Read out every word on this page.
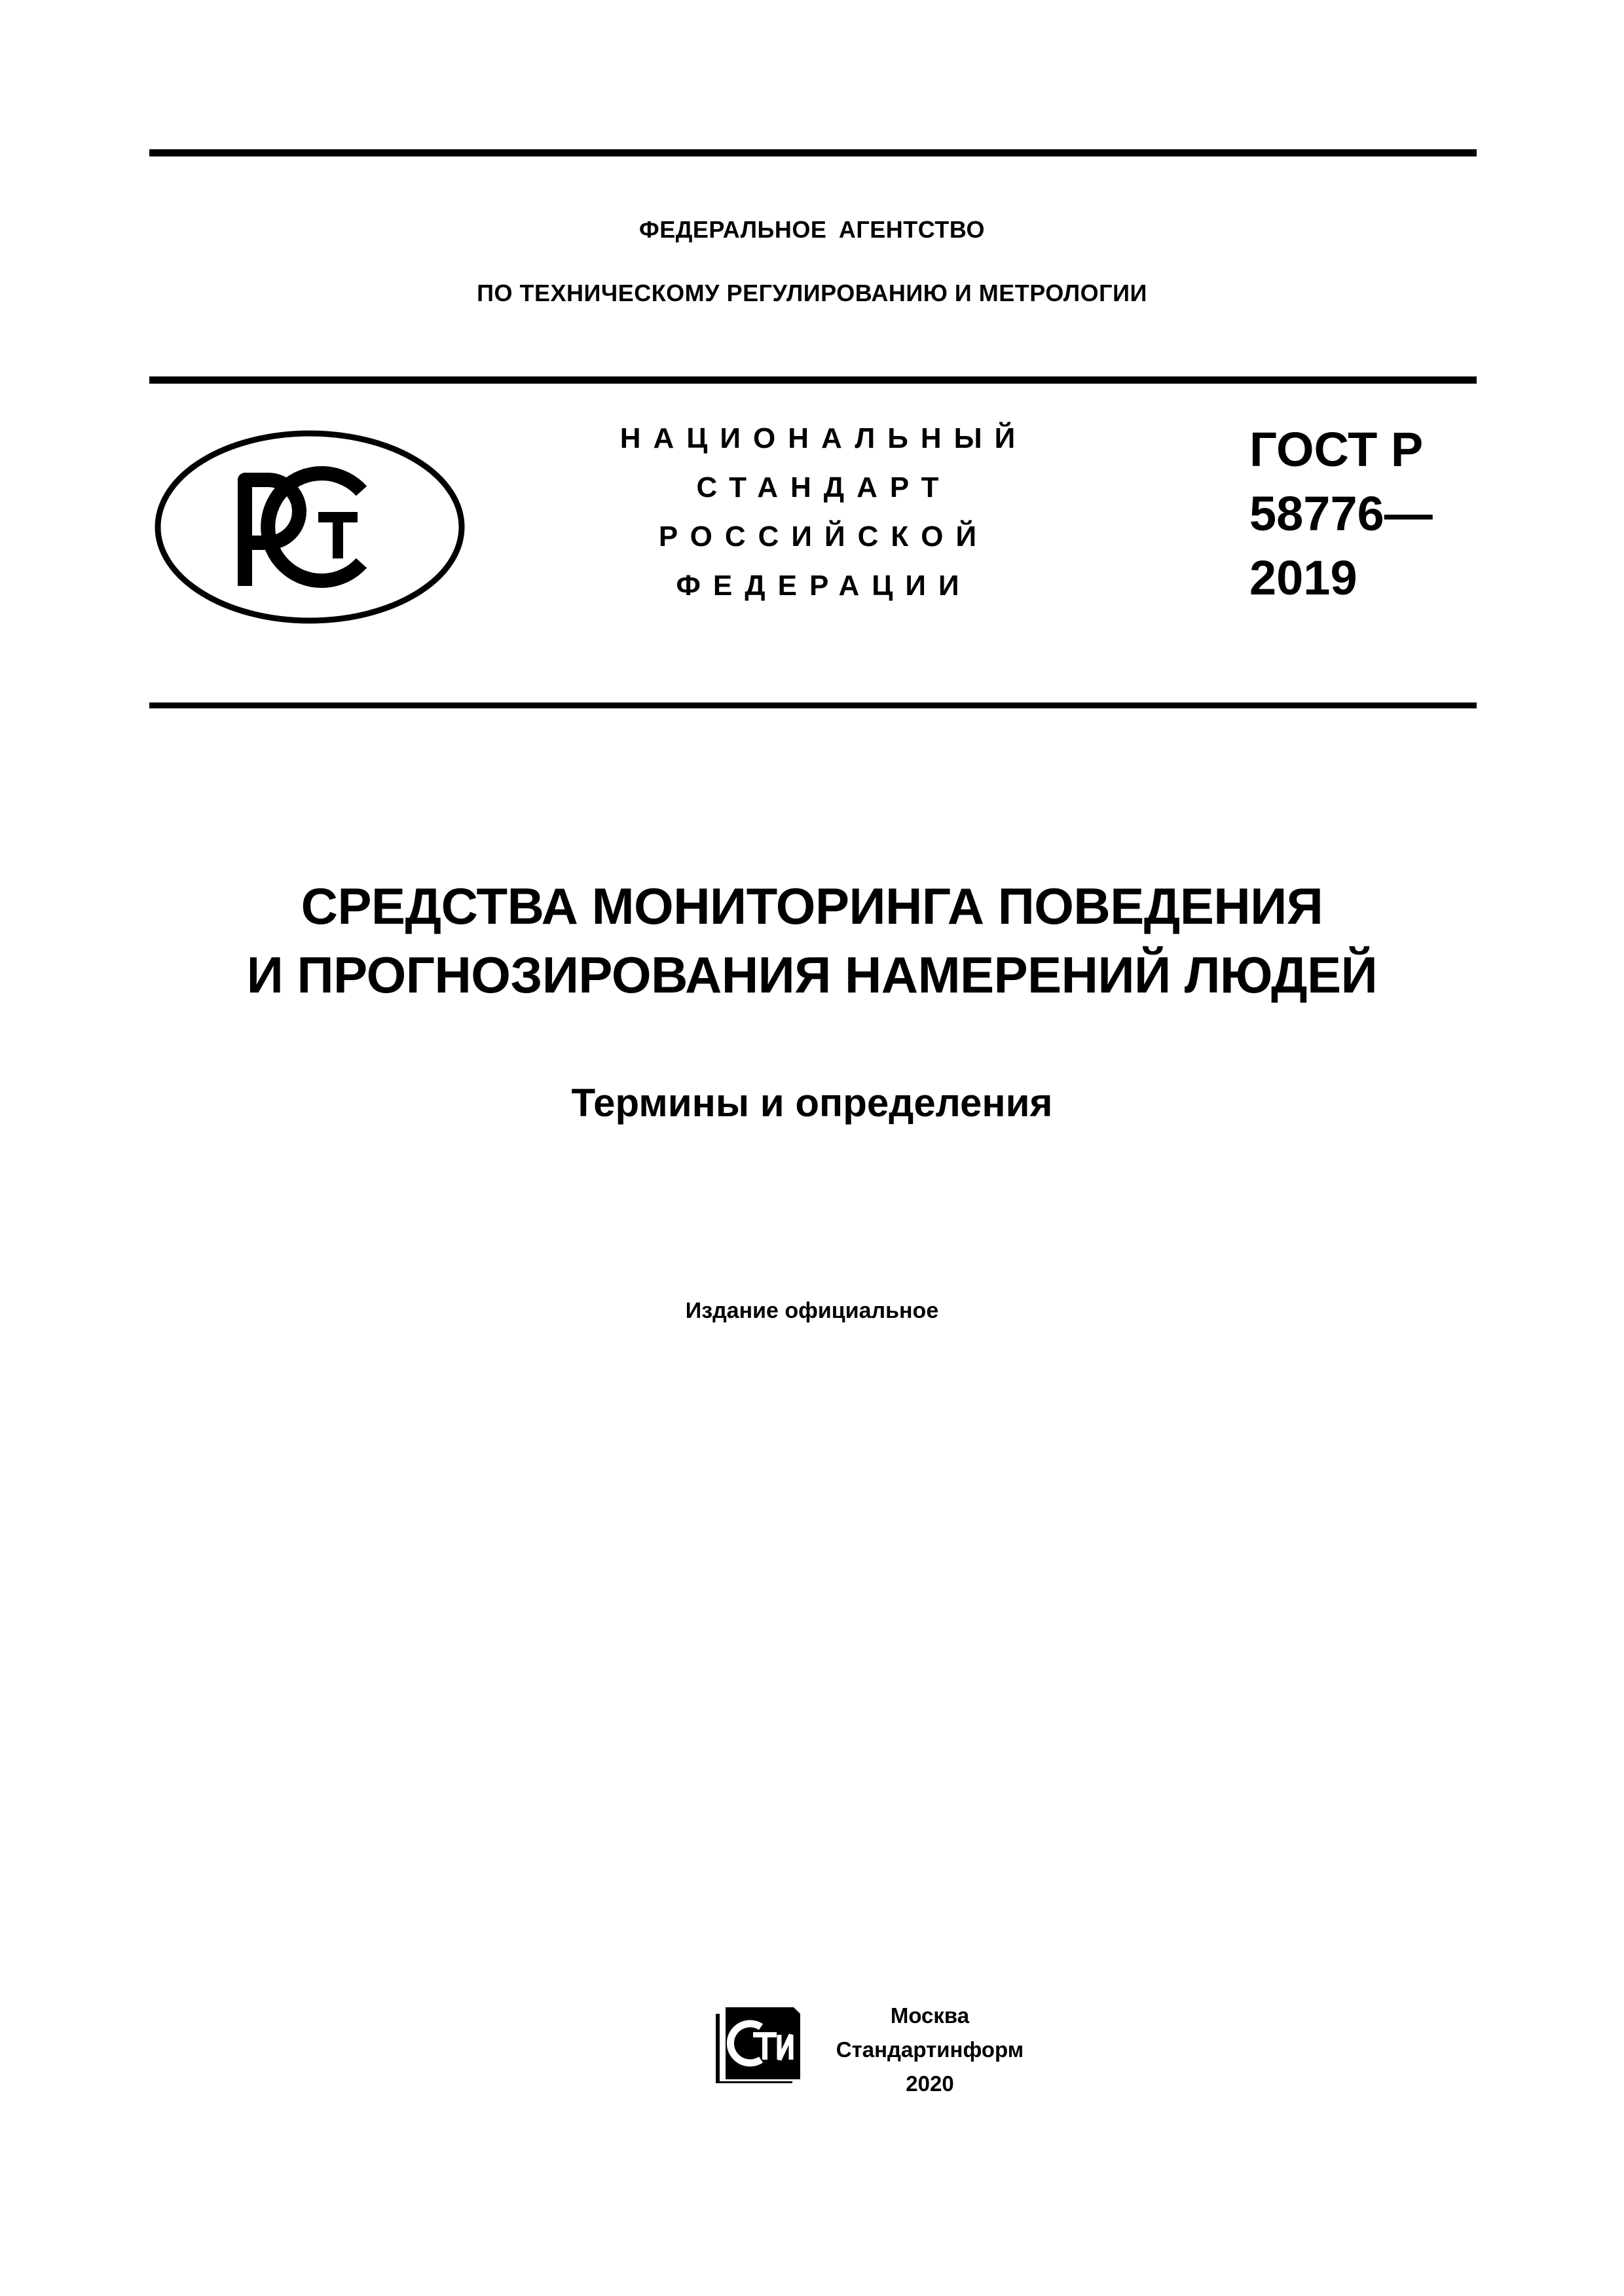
ФЕДЕРАЛЬНОЕ АГЕНТСТВО
ПО ТЕХНИЧЕСКОМУ РЕГУЛИРОВАНИЮ И МЕТРОЛОГИИ
НАЦИОНАЛЬНЫЙ
СТАНДАРТ
РОССИЙСКОЙ
ФЕДЕРАЦИИ
ГОСТ Р
58776—
2019
СРЕДСТВА МОНИТОРИНГА ПОВЕДЕНИЯ
И ПРОГНОЗИРОВАНИЯ НАМЕРЕНИЙ ЛЮДЕЙ
Термины и определения
Издание официальное
Москва
Стандартинформ
2020
